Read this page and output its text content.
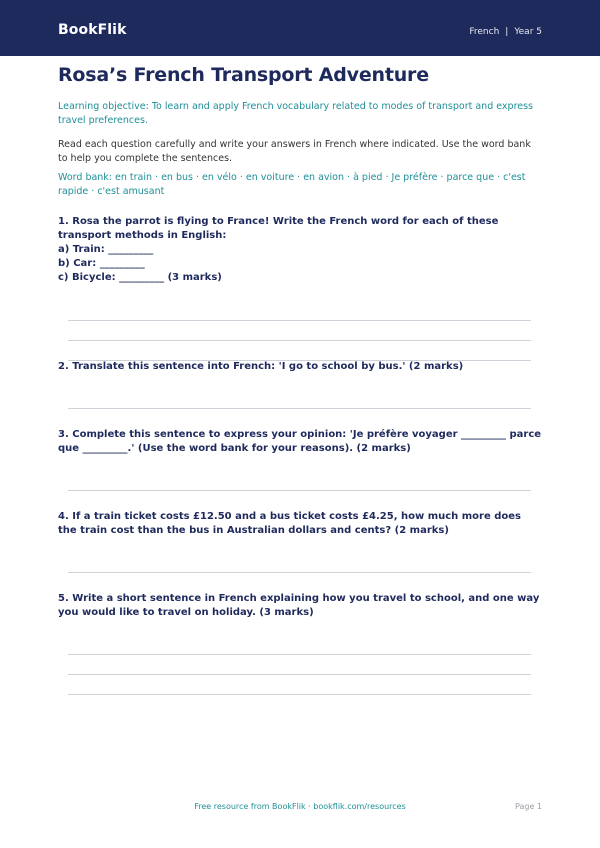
BookFlik	French | Year 5
Rosa’s French Transport Adventure

Learning objective: To learn and apply French vocabulary related to modes of transport and express travel preferences.

Read each question carefully and write your answers in French where indicated. Use the word bank to help you complete the sentences.

Word bank: en train · en bus · en vélo · en voiture · en avion · à pied · Je préfère · parce que · c'est rapide · c'est amusant

1. Rosa the parrot is flying to France! Write the French word for each of these transport methods in English:
a) Train: _________
b) Car: _________
c) Bicycle: _________ (3 marks)
2. Translate this sentence into French: 'I go to school by bus.' (2 marks)
3. Complete this sentence to express your opinion: 'Je préfère voyager _________ parce que _________.' (Use the word bank for your reasons). (2 marks)
4. If a train ticket costs £12.50 and a bus ticket costs £4.25, how much more does the train cost than the bus in Australian dollars and cents? (2 marks)
5. Write a short sentence in French explaining how you travel to school, and one way you would like to travel on holiday. (3 marks)
Free resource from BookFlik · bookflik.com/resources	Page 1
